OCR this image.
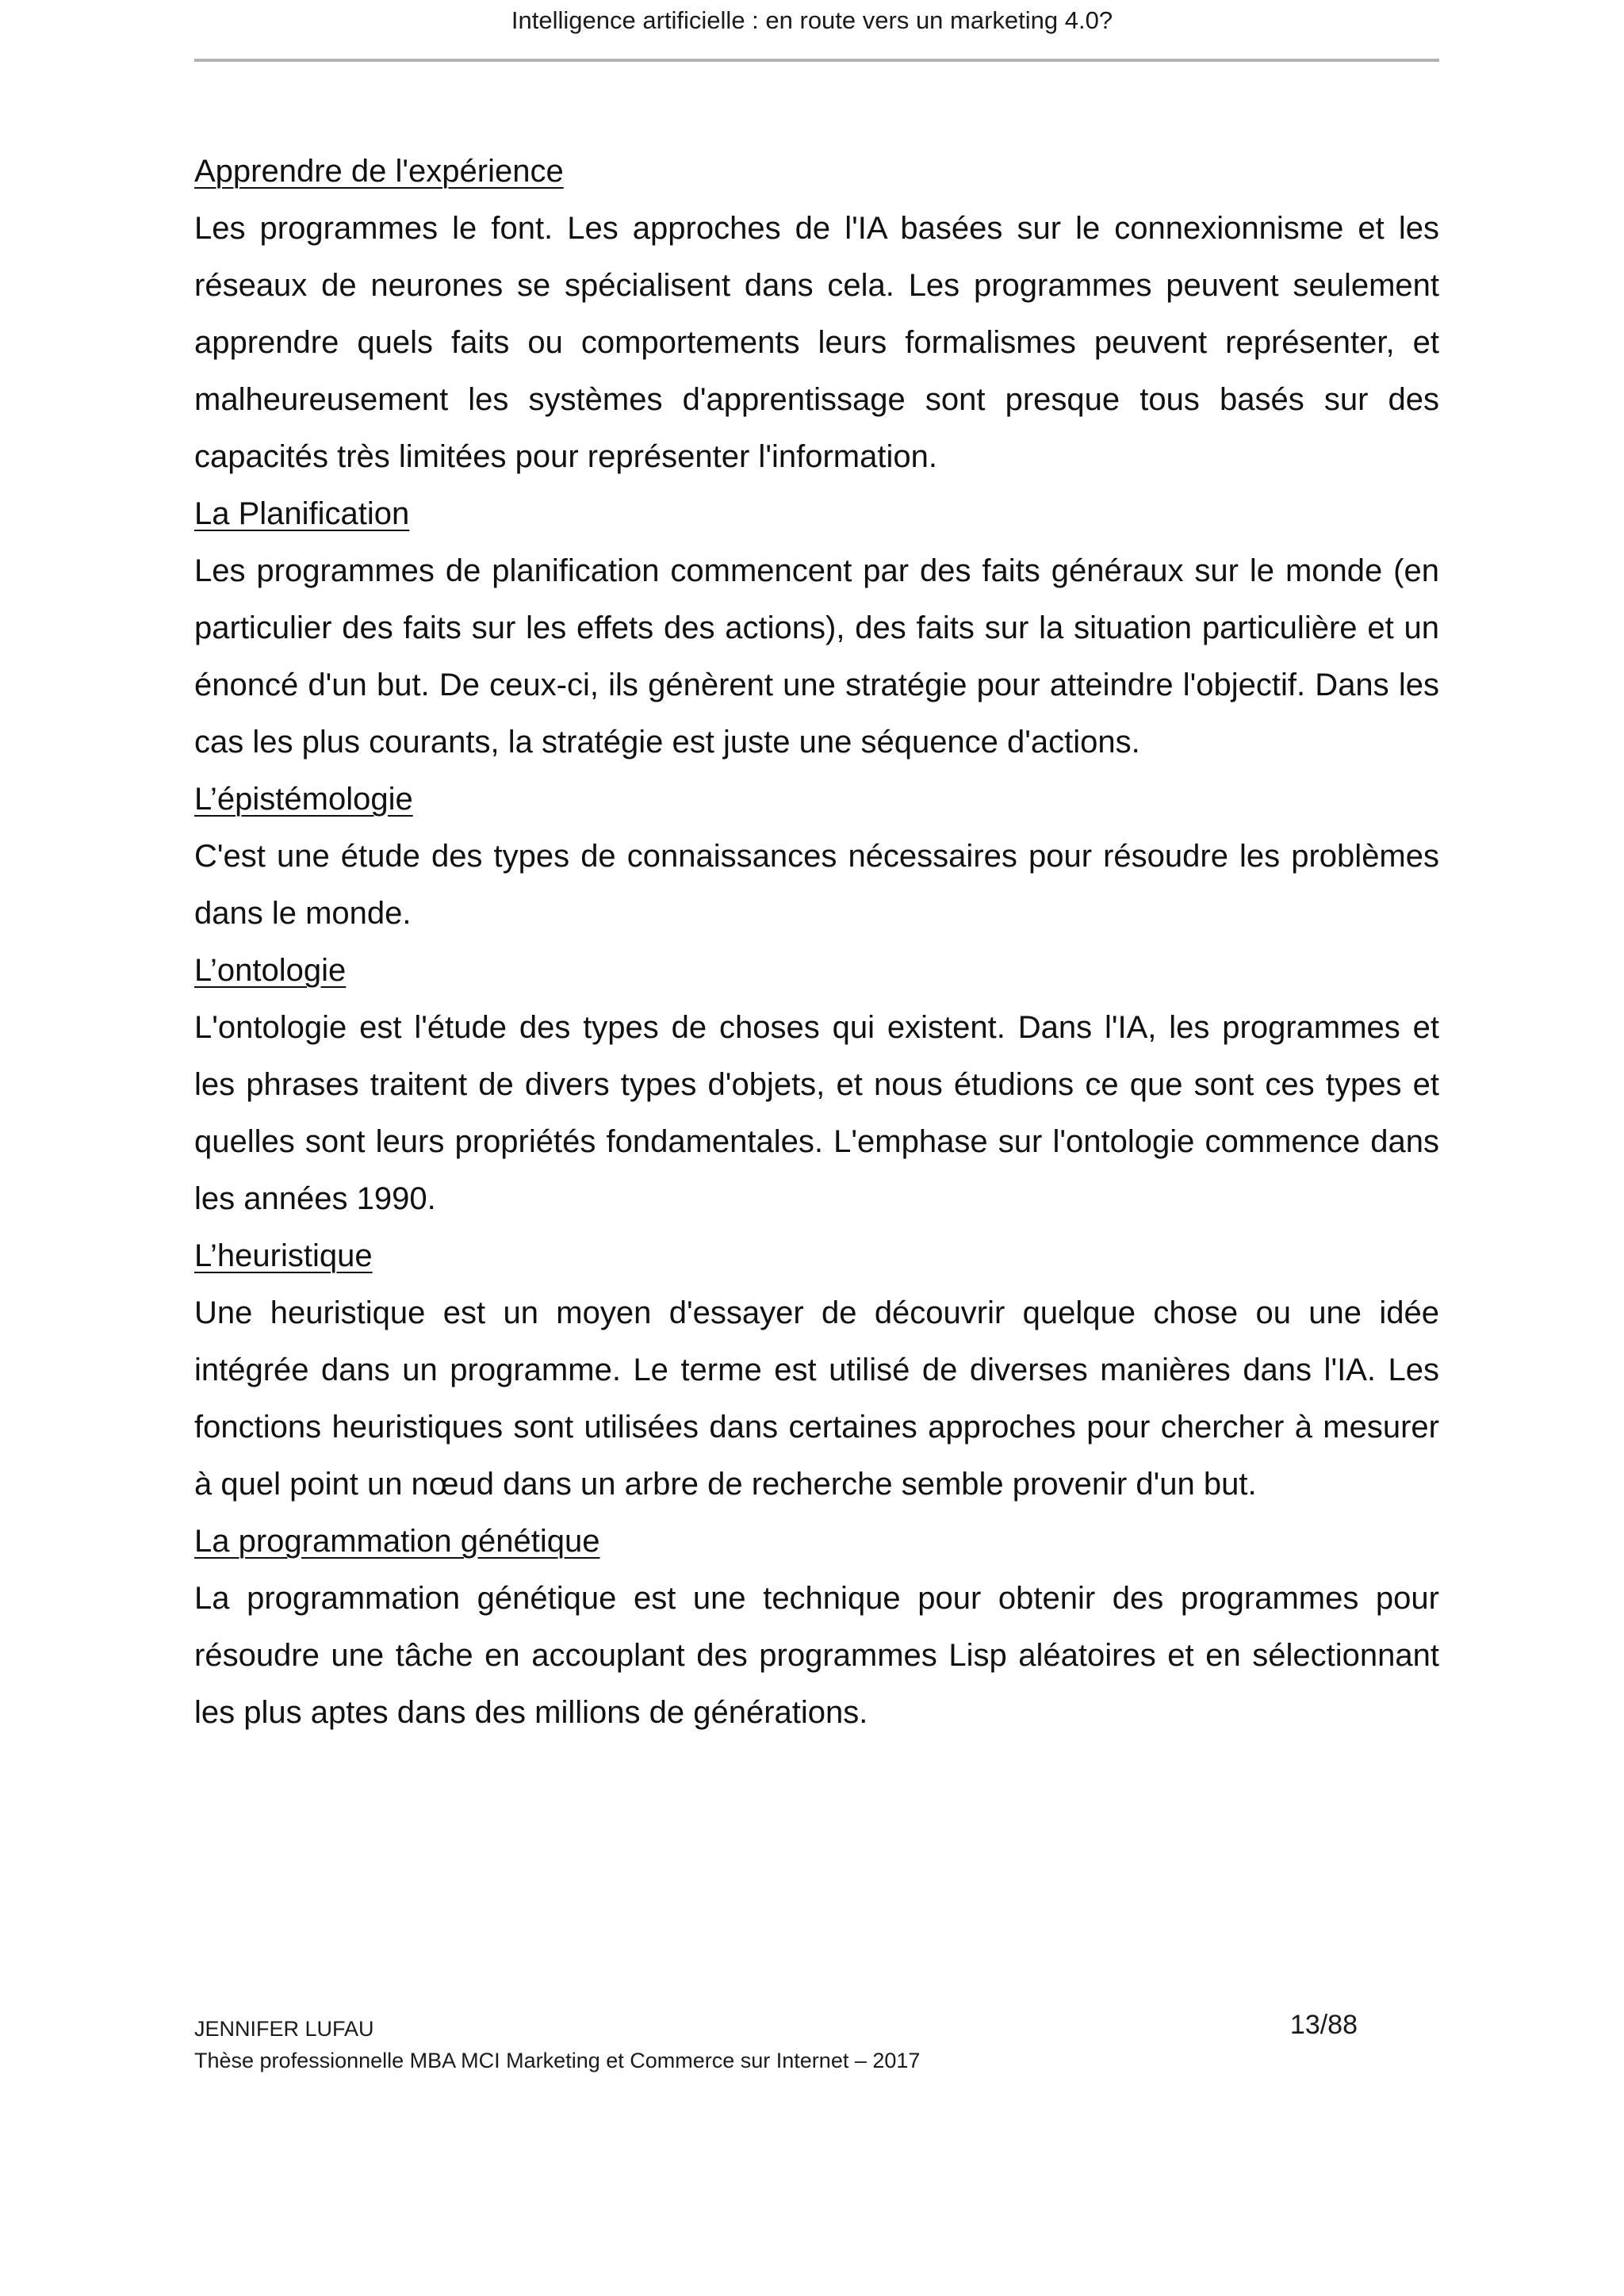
Intelligence artificielle : en route vers un marketing 4.0?

Apprendre de l'expérience

Les programmes le font. Les approches de l'IA basées sur le connexionnisme et les réseaux de neurones se spécialisent dans cela. Les programmes peuvent seulement apprendre quels faits ou comportements leurs formalismes peuvent représenter, et malheureusement les systèmes d'apprentissage sont presque tous basés sur des capacités très limitées pour représenter l'information.

La Planification

Les programmes de planification commencent par des faits généraux sur le monde (en particulier des faits sur les effets des actions), des faits sur la situation particulière et un énoncé d'un but. De ceux-ci, ils génèrent une stratégie pour atteindre l'objectif. Dans les cas les plus courants, la stratégie est juste une séquence d'actions.

L’épistémologie

C'est une étude des types de connaissances nécessaires pour résoudre les problèmes dans le monde.

L’ontologie

L'ontologie est l'étude des types de choses qui existent. Dans l'IA, les programmes et les phrases traitent de divers types d'objets, et nous étudions ce que sont ces types et quelles sont leurs propriétés fondamentales. L'emphase sur l'ontologie commence dans les années 1990.

L’heuristique

Une heuristique est un moyen d'essayer de découvrir quelque chose ou une idée intégrée dans un programme. Le terme est utilisé de diverses manières dans l'IA. Les fonctions heuristiques sont utilisées dans certaines approches pour chercher à mesurer à quel point un nœud dans un arbre de recherche semble provenir d'un but.

La programmation génétique

La programmation génétique est une technique pour obtenir des programmes pour résoudre une tâche en accouplant des programmes Lisp aléatoires et en sélectionnant les plus aptes dans des millions de générations.

JENNIFER LUFAU	13/88
Thèse professionnelle MBA MCI Marketing et Commerce sur Internet – 2017
